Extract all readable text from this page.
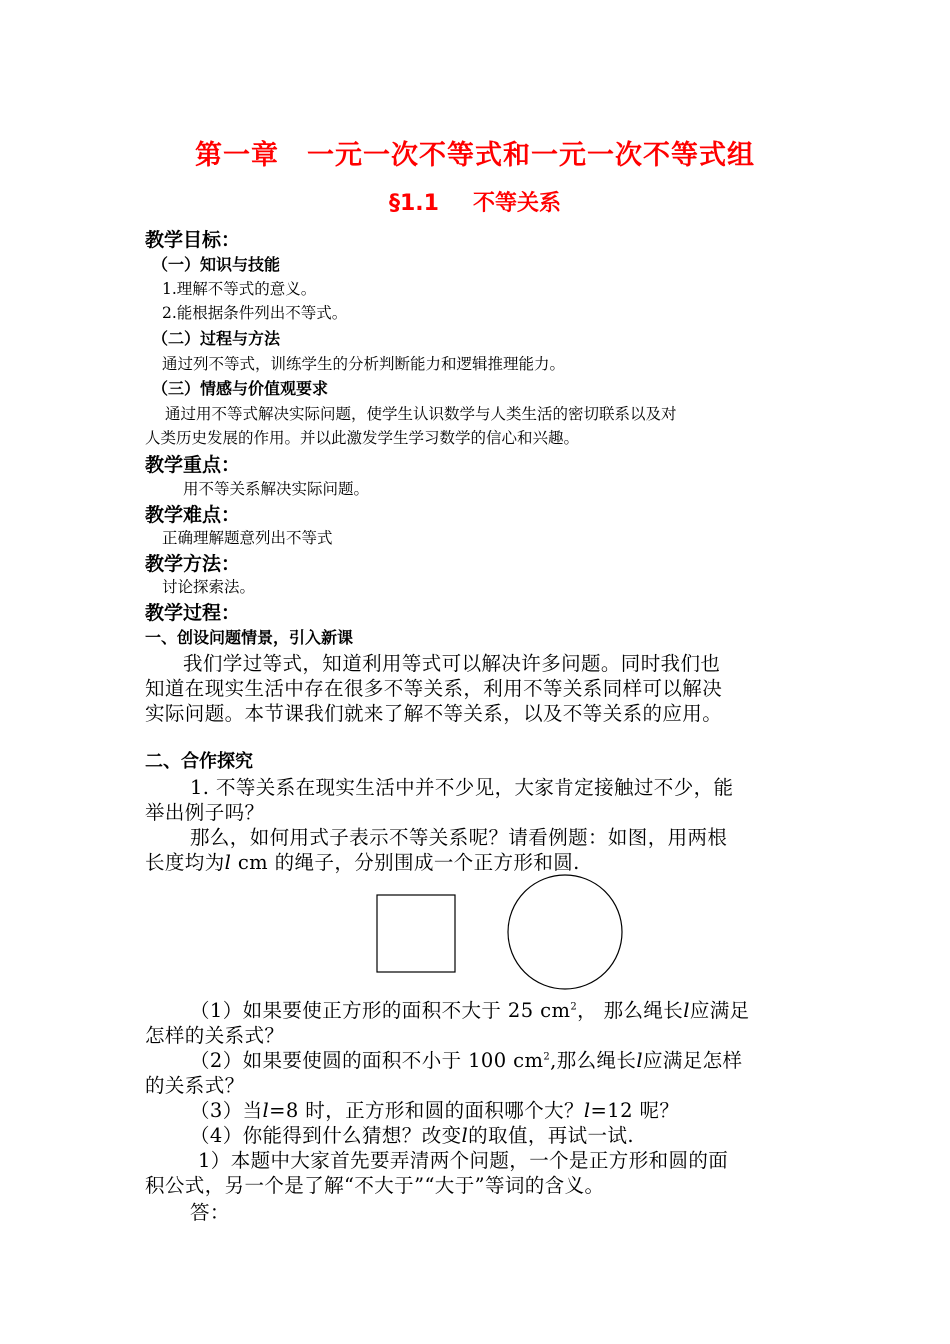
第一章 一元一次不等式和一元一次不等式组
§1.1 不等关系
教学目标：
（一）知识与技能
1.理解不等式的意义。
2.能根据条件列出不等式。
（二）过程与方法
通过列不等式，训练学生的分析判断能力和逻辑推理能力。
（三）情感与价值观要求
通过用不等式解决实际问题，使学生认识数学与人类生活的密切联系以及对
人类历史发展的作用。并以此激发学生学习数学的信心和兴趣。
教学重点：
用不等关系解决实际问题。
教学难点：
正确理解题意列出不等式
教学方法：
讨论探索法。
教学过程：
一、创设问题情景，引入新课
我们学过等式，知道利用等式可以解决许多问题。同时我们也
知道在现实生活中存在很多不等关系，利用不等关系同样可以解决
实际问题。本节课我们就来了解不等关系，以及不等关系的应用。
二、合作探究
1. 不等关系在现实生活中并不少见，大家肯定接触过不少，能
举出例子吗？
那么，如何用式子表示不等关系呢？请看例题：如图，用两根
长度均为l cm 的绳子，分别围成一个正方形和圆.
（1）如果要使正方形的面积不大于 25 $cm^2$， 那么绳长l应满足
怎样的关系式？
（2）如果要使圆的面积不小于 100 $cm^2$,那么绳长l应满足怎样
的关系式？
（3）当l=8 时，正方形和圆的面积哪个大？l=12 呢？
（4）你能得到什么猜想？改变l的取值，再试一试.
1）本题中大家首先要弄清两个问题，一个是正方形和圆的面
积公式，另一个是了解“不大于”“大于”等词的含义。
答：
